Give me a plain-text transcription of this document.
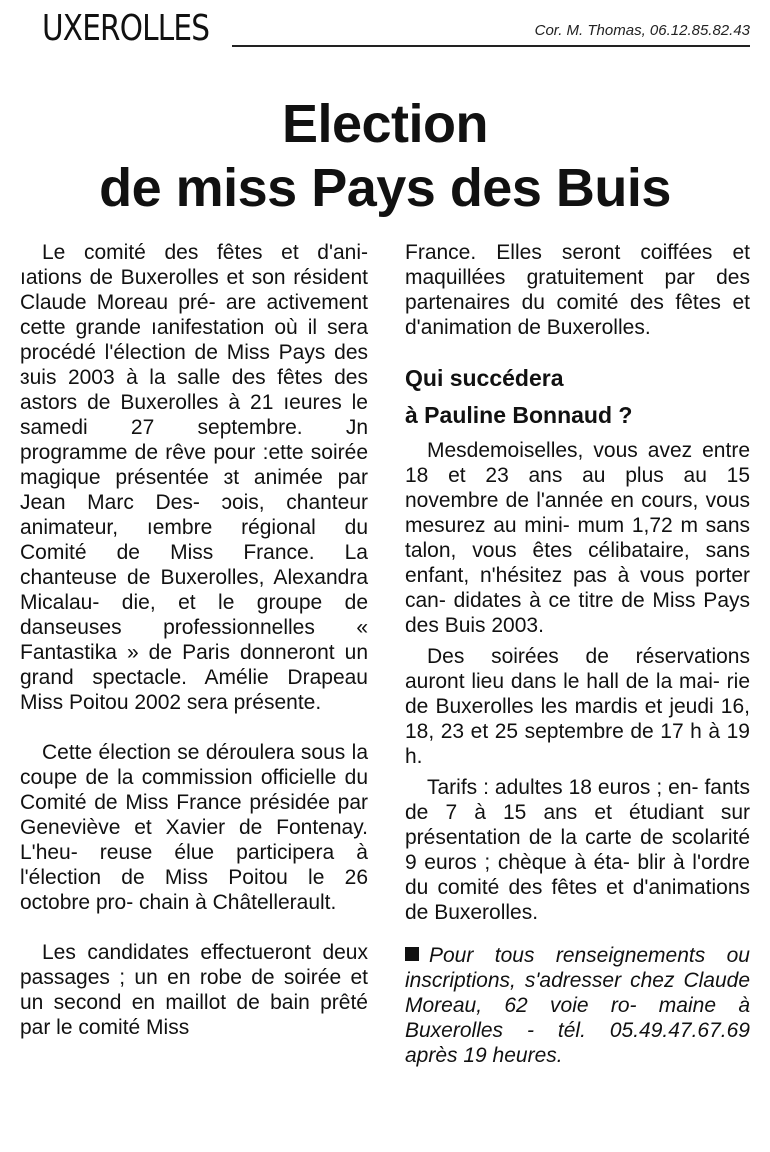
UXEROLLES	Cor. M. Thomas, 06.12.85.82.43
Election
de miss Pays des Buis

Le comité des fêtes et d'ani- ıations de Buxerolles et son résident Claude Moreau pré- are activement cette grande ıanifestation où il sera procédé l'élection de Miss Pays des ɜuis 2003 à la salle des fêtes des astors de Buxerolles à 21 ıeures le samedi 27 septembre. Jn programme de rêve pour :ette soirée magique présentée ɜt animée par Jean Marc Des- ɔois, chanteur animateur, ıembre régional du Comité de Miss France. La chanteuse de Buxerolles, Alexandra Micalau- die, et le groupe de danseuses professionnelles « Fantastika » de Paris donneront un grand spectacle. Amélie Drapeau Miss Poitou 2002 sera présente.

Cette élection se déroulera sous la coupe de la commission officielle du Comité de Miss France présidée par Geneviève et Xavier de Fontenay. L'heu- reuse élue participera à l'élection de Miss Poitou le 26 octobre pro- chain à Châtellerault.

Les candidates effectueront deux passages ; un en robe de soirée et un second en maillot de bain prêté par le comité Miss

France. Elles seront coiffées et maquillées gratuitement par des partenaires du comité des fêtes et d'animation de Buxerolles.

Qui succédera
à Pauline Bonnaud ?

Mesdemoiselles, vous avez entre 18 et 23 ans au plus au 15 novembre de l'année en cours, vous mesurez au mini- mum 1,72 m sans talon, vous êtes célibataire, sans enfant, n'hésitez pas à vous porter can- didates à ce titre de Miss Pays des Buis 2003.

Des soirées de réservations auront lieu dans le hall de la mai- rie de Buxerolles les mardis et jeudi 16, 18, 23 et 25 septembre de 17 h à 19 h.

Tarifs : adultes 18 euros ; en- fants de 7 à 15 ans et étudiant sur présentation de la carte de scolarité 9 euros ; chèque à éta- blir à l'ordre du comité des fêtes et d'animations de Buxerolles.

Pour tous renseignements ou inscriptions, s'adresser chez Claude Moreau, 62 voie ro- maine à Buxerolles - tél. 05.49.47.67.69 après 19 heures.
